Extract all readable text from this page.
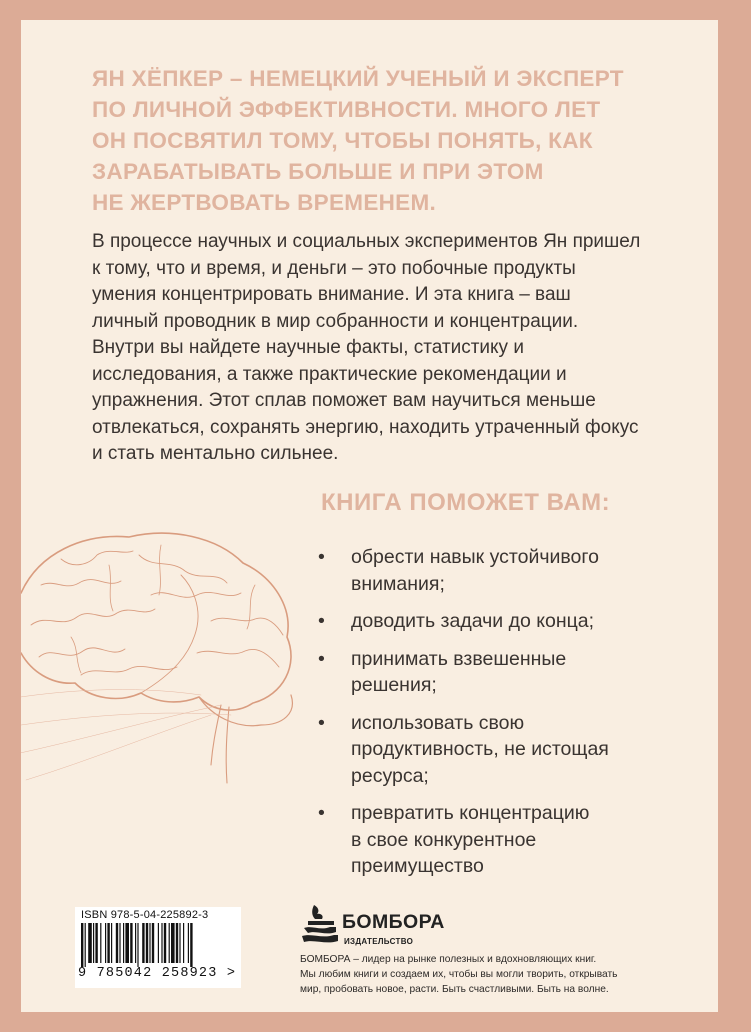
ЯН ХЁПКЕР – НЕМЕЦКИЙ УЧЕНЫЙ И ЭКСПЕРТ
ПО ЛИЧНОЙ ЭФФЕКТИВНОСТИ. МНОГО ЛЕТ
ОН ПОСВЯТИЛ ТОМУ, ЧТОБЫ ПОНЯТЬ, КАК
ЗАРАБАТЫВАТЬ БОЛЬШЕ И ПРИ ЭТОМ
НЕ ЖЕРТВОВАТЬ ВРЕМЕНЕМ.

В процессе научных и социальных экспериментов Ян пришел
к тому, что и время, и деньги – это побочные продукты
умения концентрировать внимание. И эта книга – ваш
личный проводник в мир собранности и концентрации.
Внутри вы найдете научные факты, статистику и
исследования, а также практические рекомендации и
упражнения. Этот сплав поможет вам научиться меньше
отвлекаться, сохранять энергию, находить утраченный фокус
и стать ментально сильнее.

КНИГА ПОМОЖЕТ ВАМ:
• обрести навык устойчивого
внимания;
• доводить задачи до конца;
• принимать взвешенные
решения;
• использовать свою
продуктивность, не истощая
ресурса;
• превратить концентрацию
в свое конкурентное
преимущество
ISBN 978-5-04-225892-3
9 785042 258923 >
БОМБОРА
ИЗДАТЕЛЬСТВО

БОМБОРА – лидер на рынке полезных и вдохновляющих книг.
Мы любим книги и создаем их, чтобы вы могли творить, открывать
мир, пробовать новое, расти. Быть счастливыми. Быть на волне.
